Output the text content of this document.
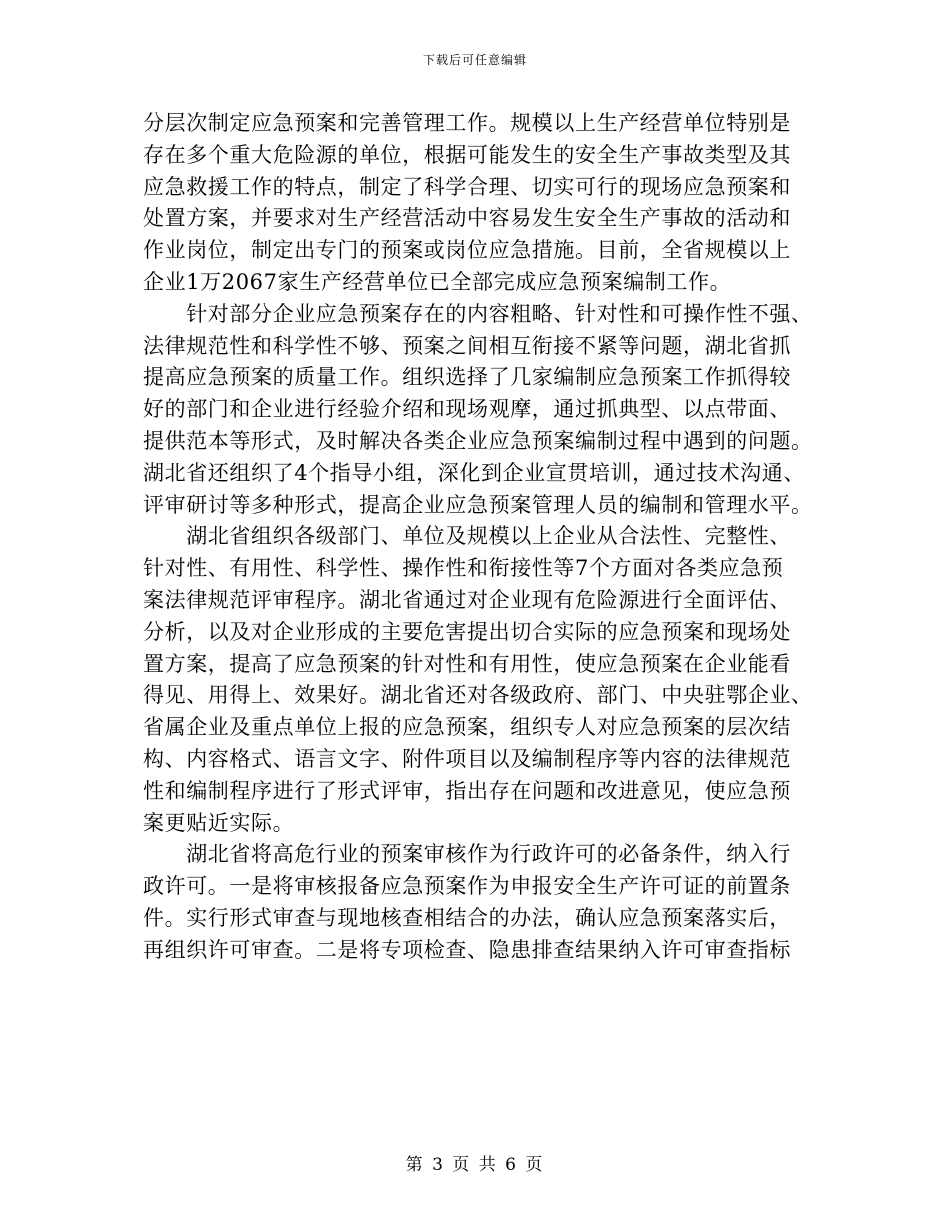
下载后可任意编辑
分层次制定应急预案和完善管理工作。规模以上生产经营单位特别是
存在多个重大危险源的单位，根据可能发生的安全生产事故类型及其
应急救援工作的特点，制定了科学合理、切实可行的现场应急预案和
处置方案，并要求对生产经营活动中容易发生安全生产事故的活动和
作业岗位，制定出专门的预案或岗位应急措施。目前，全省规模以上
企业1万2067家生产经营单位已全部完成应急预案编制工作。
　　针对部分企业应急预案存在的内容粗略、针对性和可操作性不强、
法律规范性和科学性不够、预案之间相互衔接不紧等问题，湖北省抓
提高应急预案的质量工作。组织选择了几家编制应急预案工作抓得较
好的部门和企业进行经验介绍和现场观摩，通过抓典型、以点带面、
提供范本等形式，及时解决各类企业应急预案编制过程中遇到的问题。
湖北省还组织了4个指导小组，深化到企业宣贯培训，通过技术沟通、
评审研讨等多种形式，提高企业应急预案管理人员的编制和管理水平。
　　湖北省组织各级部门、单位及规模以上企业从合法性、完整性、
针对性、有用性、科学性、操作性和衔接性等7个方面对各类应急预
案法律规范评审程序。湖北省通过对企业现有危险源进行全面评估、
分析，以及对企业形成的主要危害提出切合实际的应急预案和现场处
置方案，提高了应急预案的针对性和有用性，使应急预案在企业能看
得见、用得上、效果好。湖北省还对各级政府、部门、中央驻鄂企业、
省属企业及重点单位上报的应急预案，组织专人对应急预案的层次结
构、内容格式、语言文字、附件项目以及编制程序等内容的法律规范
性和编制程序进行了形式评审，指出存在问题和改进意见，使应急预
案更贴近实际。
　　湖北省将高危行业的预案审核作为行政许可的必备条件，纳入行
政许可。一是将审核报备应急预案作为申报安全生产许可证的前置条
件。实行形式审查与现地核查相结合的办法，确认应急预案落实后，
再组织许可审查。二是将专项检查、隐患排查结果纳入许可审查指标
第 3 页 共 6 页
